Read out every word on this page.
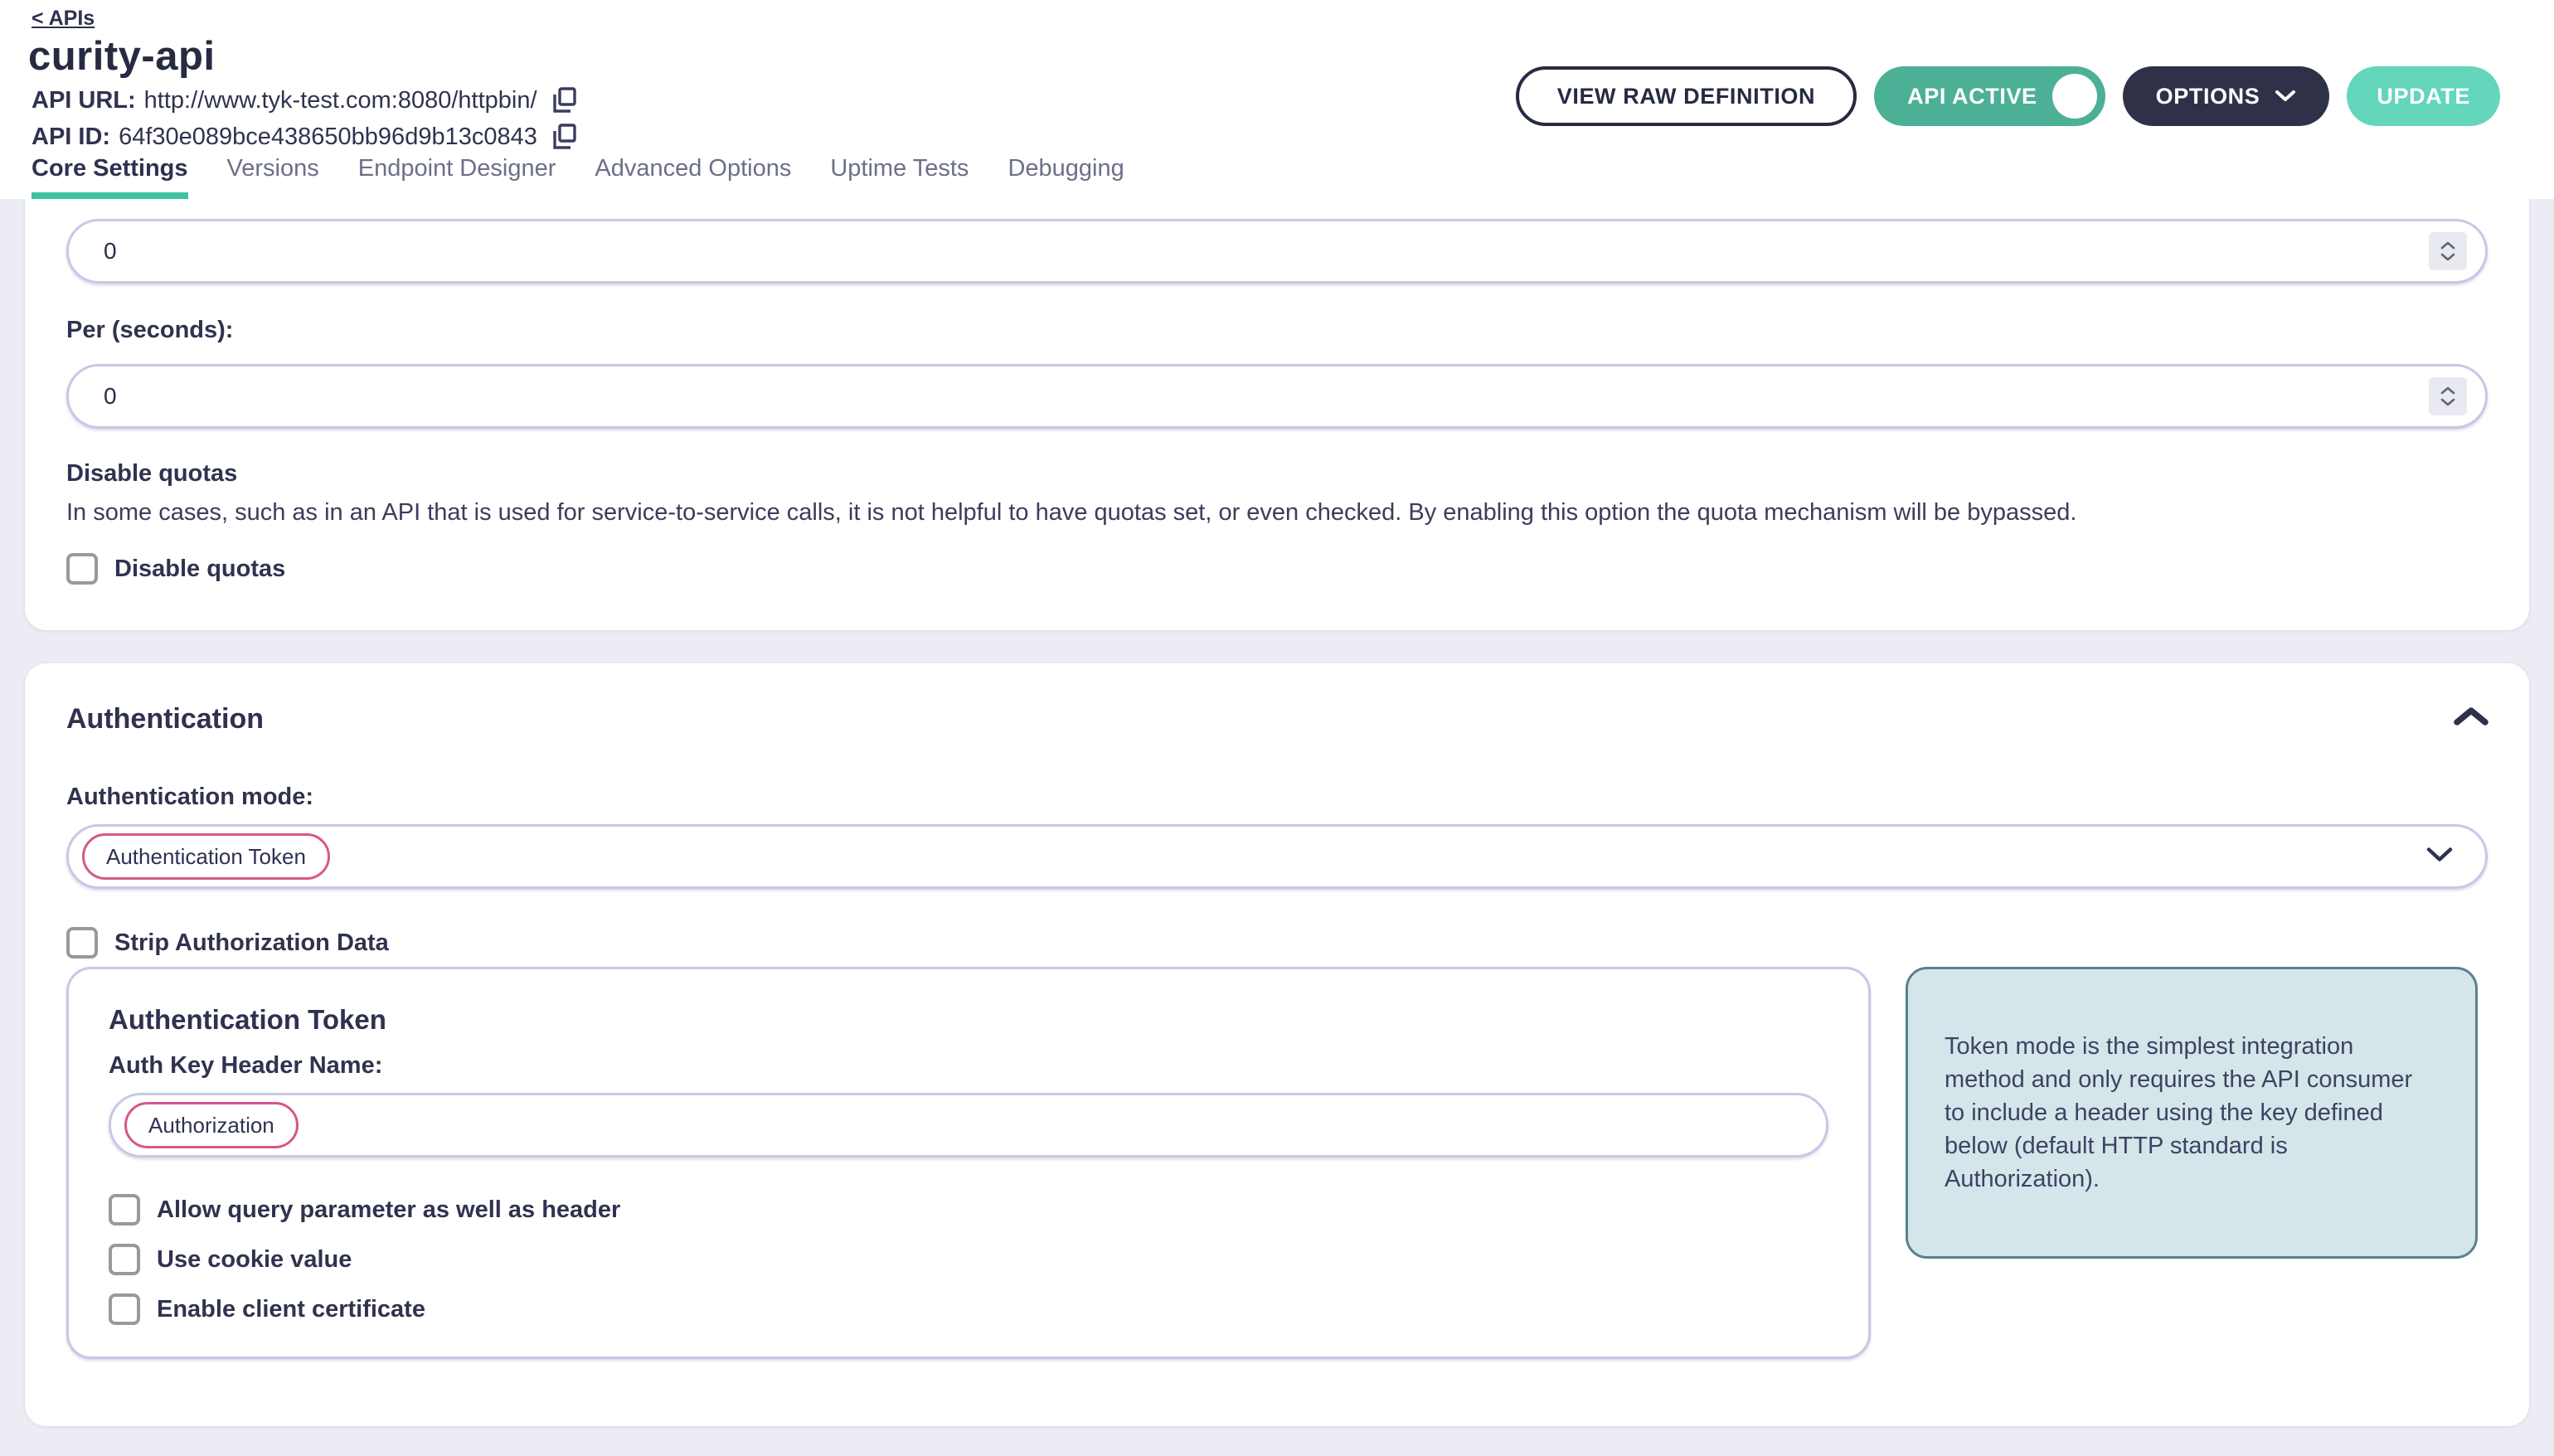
< APIs
curity-api
API URL: http://www.tyk-test.com:8080/httpbin/
API ID: 64f30e089bce438650bb96d9b13c0843
VIEW RAW DEFINITION	API ACTIVE	OPTIONS	UPDATE
Core Settings Versions Endpoint Designer Advanced Options Uptime Tests Debugging
0
Per (seconds):
0
Disable quotas
In some cases, such as in an API that is used for service-to-service calls, it is not helpful to have quotas set, or even checked. By enabling this option the quota mechanism will be bypassed.
Disable quotas
Authentication
Authentication mode:
Authentication Token
Strip Authorization Data
Authentication Token
Auth Key Header Name:
Authorization
Allow query parameter as well as header
Use cookie value
Enable client certificate
Token mode is the simplest integration method and only requires the API consumer to include a header using the key defined below (default HTTP standard is Authorization).
